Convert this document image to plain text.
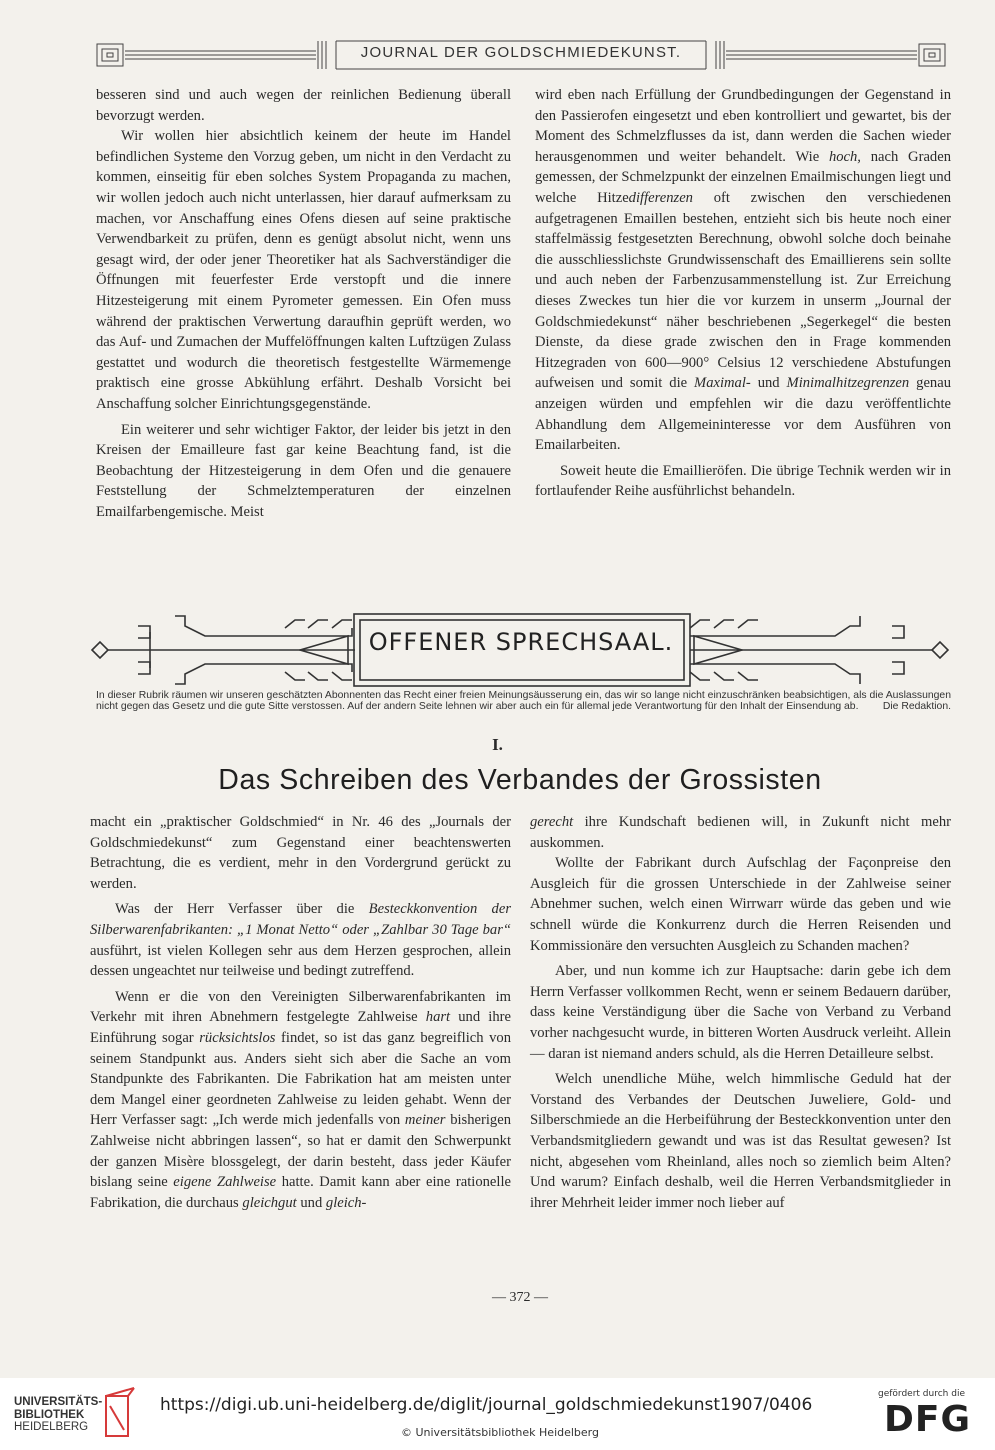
JOURNAL DER GOLDSCHMIEDEKUNST.

besseren sind und auch wegen der reinlichen Bedienung überall bevorzugt werden.

Wir wollen hier absichtlich keinem der heute im Handel befindlichen Systeme den Vorzug geben, um nicht in den Verdacht zu kommen, einseitig für eben solches System Propaganda zu machen, wir wollen jedoch auch nicht unterlassen, hier darauf aufmerksam zu machen, vor Anschaffung eines Ofens diesen auf seine praktische Verwendbarkeit zu prüfen, denn es genügt absolut nicht, wenn uns gesagt wird, der oder jener Theoretiker hat als Sachverständiger die Öffnungen mit feuerfester Erde verstopft und die innere Hitzesteigerung mit einem Pyrometer gemessen. Ein Ofen muss während der praktischen Verwertung daraufhin geprüft werden, wo das Auf- und Zumachen der Muffelöffnungen kalten Luftzügen Zulass gestattet und wodurch die theoretisch festgestellte Wärmemenge praktisch eine grosse Abkühlung erfährt. Deshalb Vorsicht bei Anschaffung solcher Einrichtungsgegenstände.

Ein weiterer und sehr wichtiger Faktor, der leider bis jetzt in den Kreisen der Emailleure fast gar keine Beachtung fand, ist die Beobachtung der Hitzesteigerung in dem Ofen und die genauere Feststellung der Schmelztemperaturen der einzelnen Emailfarbengemische. Meist

wird eben nach Erfüllung der Grundbedingungen der Gegenstand in den Passierofen eingesetzt und eben kontrolliert und gewartet, bis der Moment des Schmelzflusses da ist, dann werden die Sachen wieder herausgenommen und weiter behandelt. Wie hoch, nach Graden gemessen, der Schmelzpunkt der einzelnen Emailmischungen liegt und welche Hitzedifferenzen oft zwischen den verschiedenen aufgetragenen Emaillen bestehen, entzieht sich bis heute noch einer staffelmässig festgesetzten Berechnung, obwohl solche doch beinahe die ausschliesslichste Grundwissenschaft des Emaillierens sein sollte und auch neben der Farbenzusammenstellung ist. Zur Erreichung dieses Zweckes tun hier die vor kurzem in unserm „Journal der Goldschmiedekunst“ näher beschriebenen „Segerkegel“ die besten Dienste, da diese grade zwischen den in Frage kommenden Hitzegraden von 600—900° Celsius 12 verschiedene Abstufungen aufweisen und somit die Maximal- und Minimalhitzegrenzen genau anzeigen würden und empfehlen wir die dazu veröffentlichte Abhandlung dem Allgemeininteresse vor dem Ausführen von Emailarbeiten.

Soweit heute die Emaillieröfen. Die übrige Technik werden wir in fortlaufender Reihe ausführlichst behandeln.

OFFENER SPRECHSAAL.
In dieser Rubrik räumen wir unseren geschätzten Abonnenten das Recht einer freien Meinungsäusserung ein, das wir so lange nicht einzuschränken beabsichtigen, als die Auslassungen nicht gegen das Gesetz und die gute Sitte verstossen. Auf der andern Seite lehnen wir aber auch ein für allemal jede Verantwortung für den Inhalt der Einsendung ab. Die Redaktion.
I.
Das Schreiben des Verbandes der Grossisten

macht ein „praktischer Goldschmied“ in Nr. 46 des „Journals der Goldschmiedekunst“ zum Gegenstand einer beachtenswerten Betrachtung, die es verdient, mehr in den Vordergrund gerückt zu werden.

Was der Herr Verfasser über die Besteckkonvention der Silberwarenfabrikanten: „1 Monat Netto“ oder „Zahlbar 30 Tage bar“ ausführt, ist vielen Kollegen sehr aus dem Herzen gesprochen, allein dessen ungeachtet nur teilweise und bedingt zutreffend.

Wenn er die von den Vereinigten Silberwarenfabrikanten im Verkehr mit ihren Abnehmern festgelegte Zahlweise hart und ihre Einführung sogar rücksichtslos findet, so ist das ganz begreiflich von seinem Standpunkt aus. Anders sieht sich aber die Sache an vom Standpunkte des Fabrikanten. Die Fabrikation hat am meisten unter dem Mangel einer geordneten Zahlweise zu leiden gehabt. Wenn der Herr Verfasser sagt: „Ich werde mich jedenfalls von meiner bisherigen Zahlweise nicht abbringen lassen“, so hat er damit den Schwerpunkt der ganzen Misère blossgelegt, der darin besteht, dass jeder Käufer bislang seine eigene Zahlweise hatte. Damit kann aber eine rationelle Fabrikation, die durchaus gleichgut und gleich-

gerecht ihre Kundschaft bedienen will, in Zukunft nicht mehr auskommen.

Wollte der Fabrikant durch Aufschlag der Façonpreise den Ausgleich für die grossen Unterschiede in der Zahlweise seiner Abnehmer suchen, welch einen Wirrwarr würde das geben und wie schnell würde die Konkurrenz durch die Herren Reisenden und Kommissionäre den versuchten Ausgleich zu Schanden machen?

Aber, und nun komme ich zur Hauptsache: darin gebe ich dem Herrn Verfasser vollkommen Recht, wenn er seinem Bedauern darüber, dass keine Verständigung über die Sache von Verband zu Verband vorher nachgesucht wurde, in bitteren Worten Ausdruck verleiht. Allein — daran ist niemand anders schuld, als die Herren Detailleure selbst.

Welch unendliche Mühe, welch himmlische Geduld hat der Vorstand des Verbandes der Deutschen Juweliere, Gold- und Silberschmiede an die Herbeiführung der Besteckkonvention unter den Verbandsmitgliedern gewandt und was ist das Resultat gewesen? Ist nicht, abgesehen vom Rheinland, alles noch so ziemlich beim Alten? Und warum? Einfach deshalb, weil die Herren Verbandsmitglieder in ihrer Mehrheit leider immer noch lieber auf

— 372 —
UNIVERSITÄTS-
BIBLIOTHEK
HEIDELBERG
https://digi.ub.uni-heidelberg.de/diglit/journal_goldschmiedekunst1907/0406
© Universitätsbibliothek Heidelberg
gefördert durch die
DFG
